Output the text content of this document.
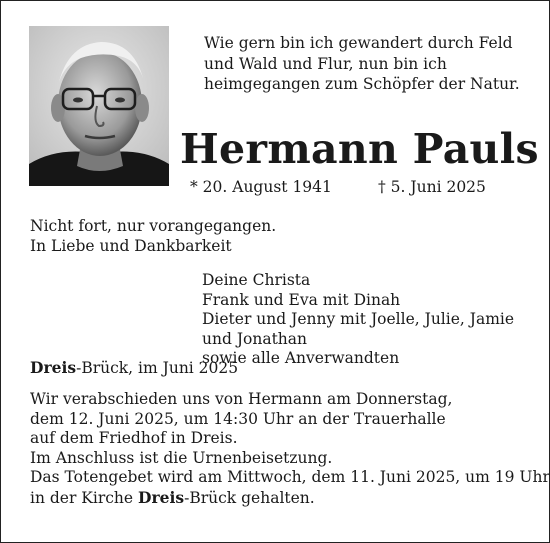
Wie gern bin ich gewandert durch Feld
und Wald und Flur, nun bin ich
heimgegangen zum Schöpfer der Natur.
Hermann Pauls
* 20. August 1941	† 5. Juni 2025
Nicht fort, nur vorangegangen.
In Liebe und Dankbarkeit
Deine Christa
Frank und Eva mit Dinah
Dieter und Jenny mit Joelle, Julie, Jamie
und Jonathan
sowie alle Anverwandten
Dreis-Brück, im Juni 2025
Wir verabschieden uns von Hermann am Donnerstag,
dem 12. Juni 2025, um 14:30 Uhr an der Trauerhalle
auf dem Friedhof in Dreis.
Im Anschluss ist die Urnenbeisetzung.
Das Totengebet wird am Mittwoch, dem 11. Juni 2025, um 19 Uhr
in der Kirche Dreis-Brück gehalten.
